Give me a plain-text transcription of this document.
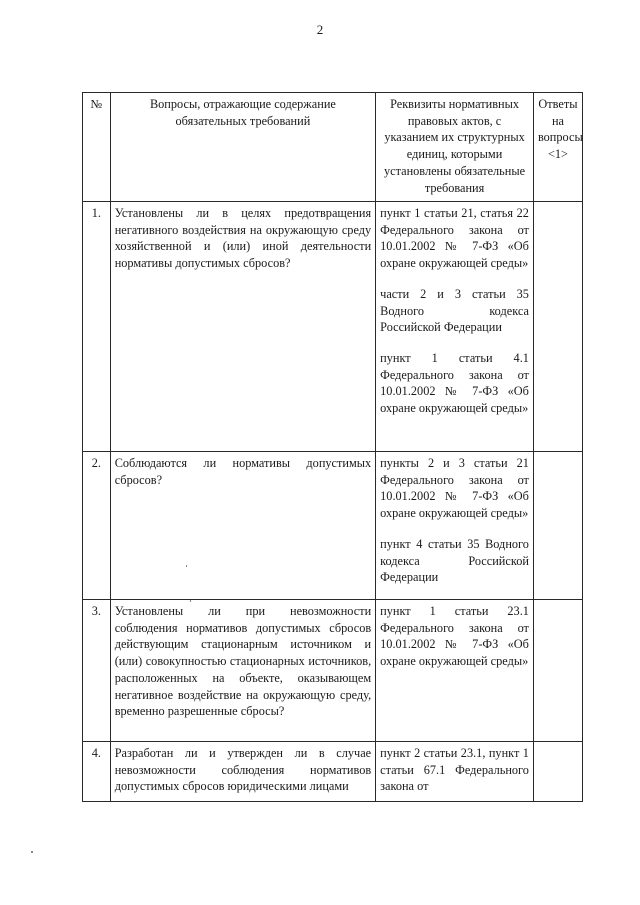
2
№	Вопросы, отражающие содержание обязательных требований	Реквизиты нормативных правовых актов, с указанием их структурных единиц, которыми установлены обязательные требования	Ответы на вопросы <1>
1.	Установлены ли в целях предотвращения негативного воздействия на окружающую среду хозяйственной и (или) иной деятельности нормативы допустимых сбросов?	пункт 1 статьи 21, статья 22 Федерального закона от 10.01.2002 № 7-ФЗ «Об охране окружающей среды»
части 2 и 3 статьи 35 Водного кодекса Российской Федерации
пункт 1 статьи 4.1 Федерального закона от 10.01.2002 № 7-ФЗ «Об охране окружающей среды»	

2.	Соблюдаются ли нормативы допустимых сбросов?	пункты 2 и 3 статьи 21 Федерального закона от 10.01.2002 № 7-ФЗ «Об охране окружающей среды»
пункт 4 статьи 35 Водного кодекса Российской Федерации	

3.	Установлены ли при невозможности соблюдения нормативов допустимых сбросов действующим стационарным источником и (или) совокупностью стационарных источников, расположенных на объекте, оказывающем негативное воздействие на окружающую среду, временно разрешенные сбросы?	пункт 1 статьи 23.1 Федерального закона от 10.01.2002 № 7-ФЗ «Об охране окружающей среды»	

4.	Разработан ли и утвержден ли в случае невозможности соблюдения нормативов допустимых сбросов юридическими лицами	пункт 2 статьи 23.1, пункт 1 статьи 67.1 Федерального закона от	
